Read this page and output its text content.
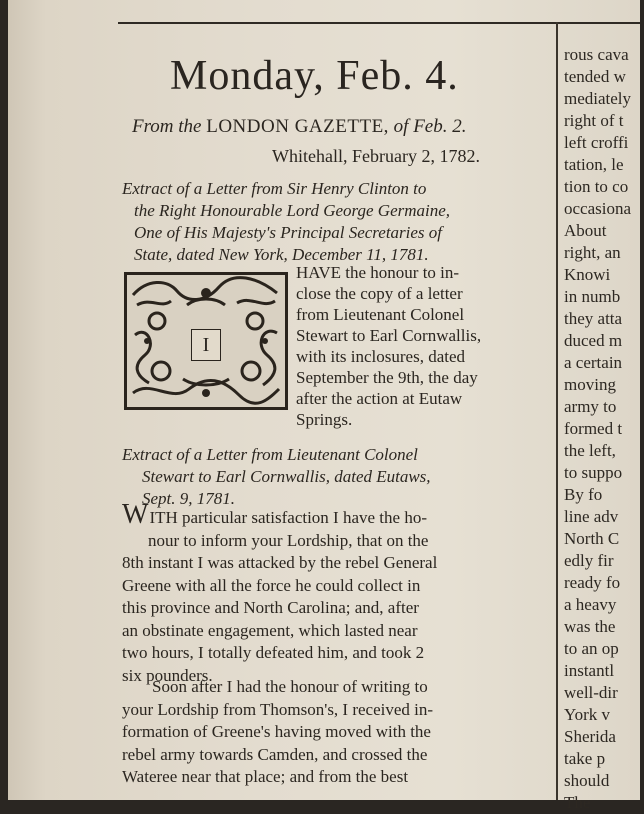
Monday, Feb. 4.
From the LONDON GAZETTE, of Feb. 2.
Whitehall, February 2, 1782.
Extract of a Letter from Sir Henry Clinton to
the Right Honourable Lord George Germaine,
One of His Majesty's Principal Secretaries of
State, dated New York, December 11, 1781.
I
HAVE the honour to in-
close the copy of a letter
from Lieutenant Colonel
Stewart to Earl Cornwallis,
with its inclosures, dated
September the 9th, the day
after the action at Eutaw
Springs.
Extract of a Letter from Lieutenant Colonel
Stewart to Earl Cornwallis, dated Eutaws,
Sept. 9, 1781.
WITH particular satisfaction I have the ho-
nour to inform your Lordship, that on the
8th instant I was attacked by the rebel General
Greene with all the force he could collect in
this province and North Carolina; and, after
an obstinate engagement, which lasted near
two hours, I totally defeated him, and took 2
six pounders.
Soon after I had the honour of writing to
your Lordship from Thomson's, I received in-
formation of Greene's having moved with the
rebel army towards Camden, and crossed the
Wateree near that place; and from the best
rous cava
tended w
mediately
right of t
left croffi
tation, le
tion to co
occasiona
About
right, an
Knowi
in numb
they atta
duced m
a certain
moving
army to
formed t
the left,
to suppo
By fo
line adv
North C
edly fir
ready fo
a heavy
was the
to an op
instantl
well-dir
York v
Sherida
take p
should
The
